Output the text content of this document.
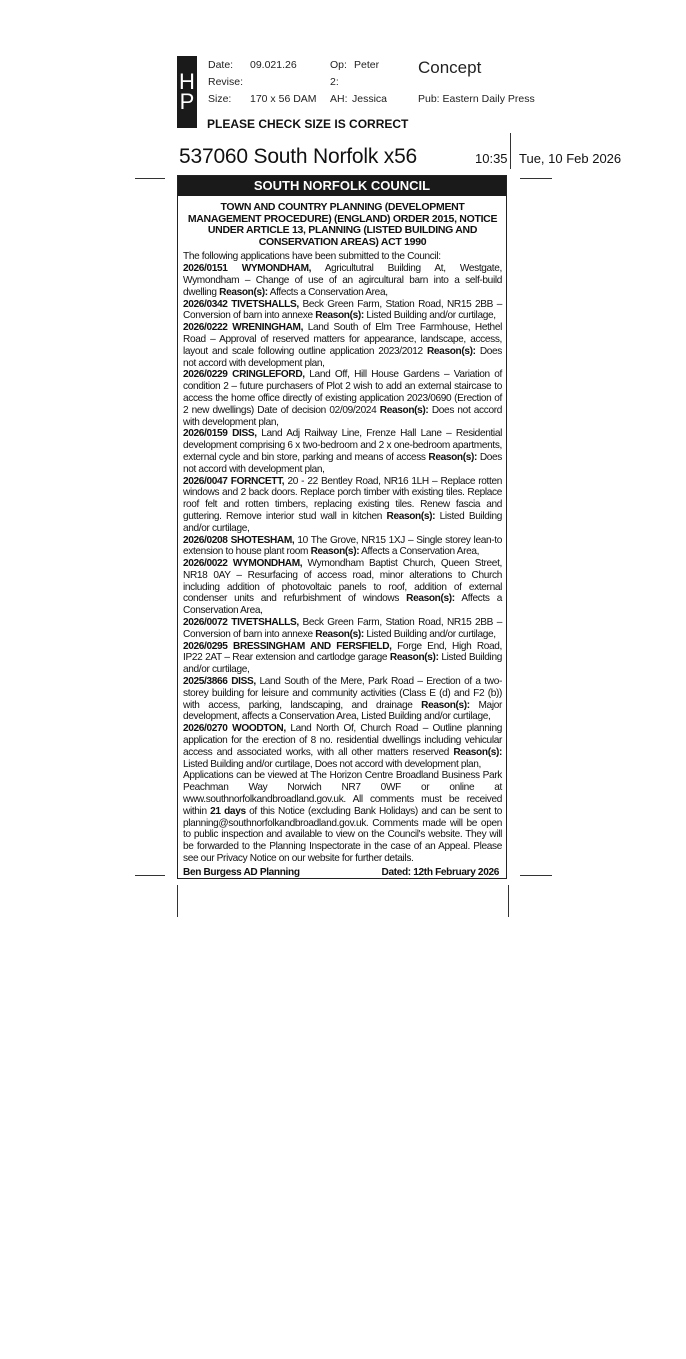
H
P
Date: 09.021.26
Revise:
Size: 170 x 56 DAM
Op: Peter
2:
AH: Jessica
Concept
Pub: Eastern Daily Press
PLEASE CHECK SIZE IS CORRECT
537060 South Norfolk x56	10:35 Tue, 10 Feb 2026
SOUTH NORFOLK COUNCIL
TOWN AND COUNTRY PLANNING (DEVELOPMENT MANAGEMENT PROCEDURE) (ENGLAND) ORDER 2015, NOTICE UNDER ARTICLE 13, PLANNING (LISTED BUILDING AND CONSERVATION AREAS) ACT 1990

The following applications have been submitted to the Council:

2026/0151 WYMONDHAM, Agricultutral Building At, Westgate, Wymondham – Change of use of an agircultural barn into a self-build dwelling Reason(s): Affects a Conservation Area,

2026/0342 TIVETSHALLS, Beck Green Farm, Station Road, NR15 2BB – Conversion of barn into annexe Reason(s): Listed Building and/or curtilage,

2026/0222 WRENINGHAM, Land South of Elm Tree Farmhouse, Hethel Road – Approval of reserved matters for appearance, landscape, access, layout and scale following outline application 2023/2012 Reason(s): Does not accord with development plan,

2026/0229 CRINGLEFORD, Land Off, Hill House Gardens – Variation of condition 2 – future purchasers of Plot 2 wish to add an external staircase to access the home office directly of existing application 2023/0690 (Erection of 2 new dwellings) Date of decision 02/09/2024 Reason(s): Does not accord with development plan,

2026/0159 DISS, Land Adj Railway Line, Frenze Hall Lane – Residential development comprising 6 x two-bedroom and 2 x one-bedroom apartments, external cycle and bin store, parking and means of access Reason(s): Does not accord with development plan,

2026/0047 FORNCETT, 20 - 22 Bentley Road, NR16 1LH – Replace rotten windows and 2 back doors. Replace porch timber with existing tiles. Replace roof felt and rotten timbers, replacing existing tiles. Renew fascia and guttering. Remove interior stud wall in kitchen Reason(s): Listed Building and/or curtilage,

2026/0208 SHOTESHAM, 10 The Grove, NR15 1XJ – Single storey lean-to extension to house plant room Reason(s): Affects a Conservation Area,

2026/0022 WYMONDHAM, Wymondham Baptist Church, Queen Street, NR18 0AY – Resurfacing of access road, minor alterations to Church including addition of photovoltaic panels to roof, addition of external condenser units and refurbishment of windows Reason(s): Affects a Conservation Area,

2026/0072 TIVETSHALLS, Beck Green Farm, Station Road, NR15 2BB – Conversion of barn into annexe Reason(s): Listed Building and/or curtilage,

2026/0295 BRESSINGHAM AND FERSFIELD, Forge End, High Road, IP22 2AT – Rear extension and cartlodge garage Reason(s): Listed Building and/or curtilage,

2025/3866 DISS, Land South of the Mere, Park Road – Erection of a two-storey building for leisure and community activities (Class E (d) and F2 (b)) with access, parking, landscaping, and drainage Reason(s): Major development, affects a Conservation Area, Listed Building and/or curtilage,

2026/0270 WOODTON, Land North Of, Church Road – Outline planning application for the erection of 8 no. residential dwellings including vehicular access and associated works, with all other matters reserved Reason(s): Listed Building and/or curtilage, Does not accord with development plan,

Applications can be viewed at The Horizon Centre Broadland Business Park Peachman Way Norwich NR7 0WF or online at www.southnorfolkandbroadland.gov.uk. All comments must be received within 21 days of this Notice (excluding Bank Holidays) and can be sent to planning@southnorfolkandbroadland.gov.uk. Comments made will be open to public inspection and available to view on the Council's website. They will be forwarded to the Planning Inspectorate in the case of an Appeal. Please see our Privacy Notice on our website for further details.

Ben Burgess AD Planning	Dated: 12th February 2026
